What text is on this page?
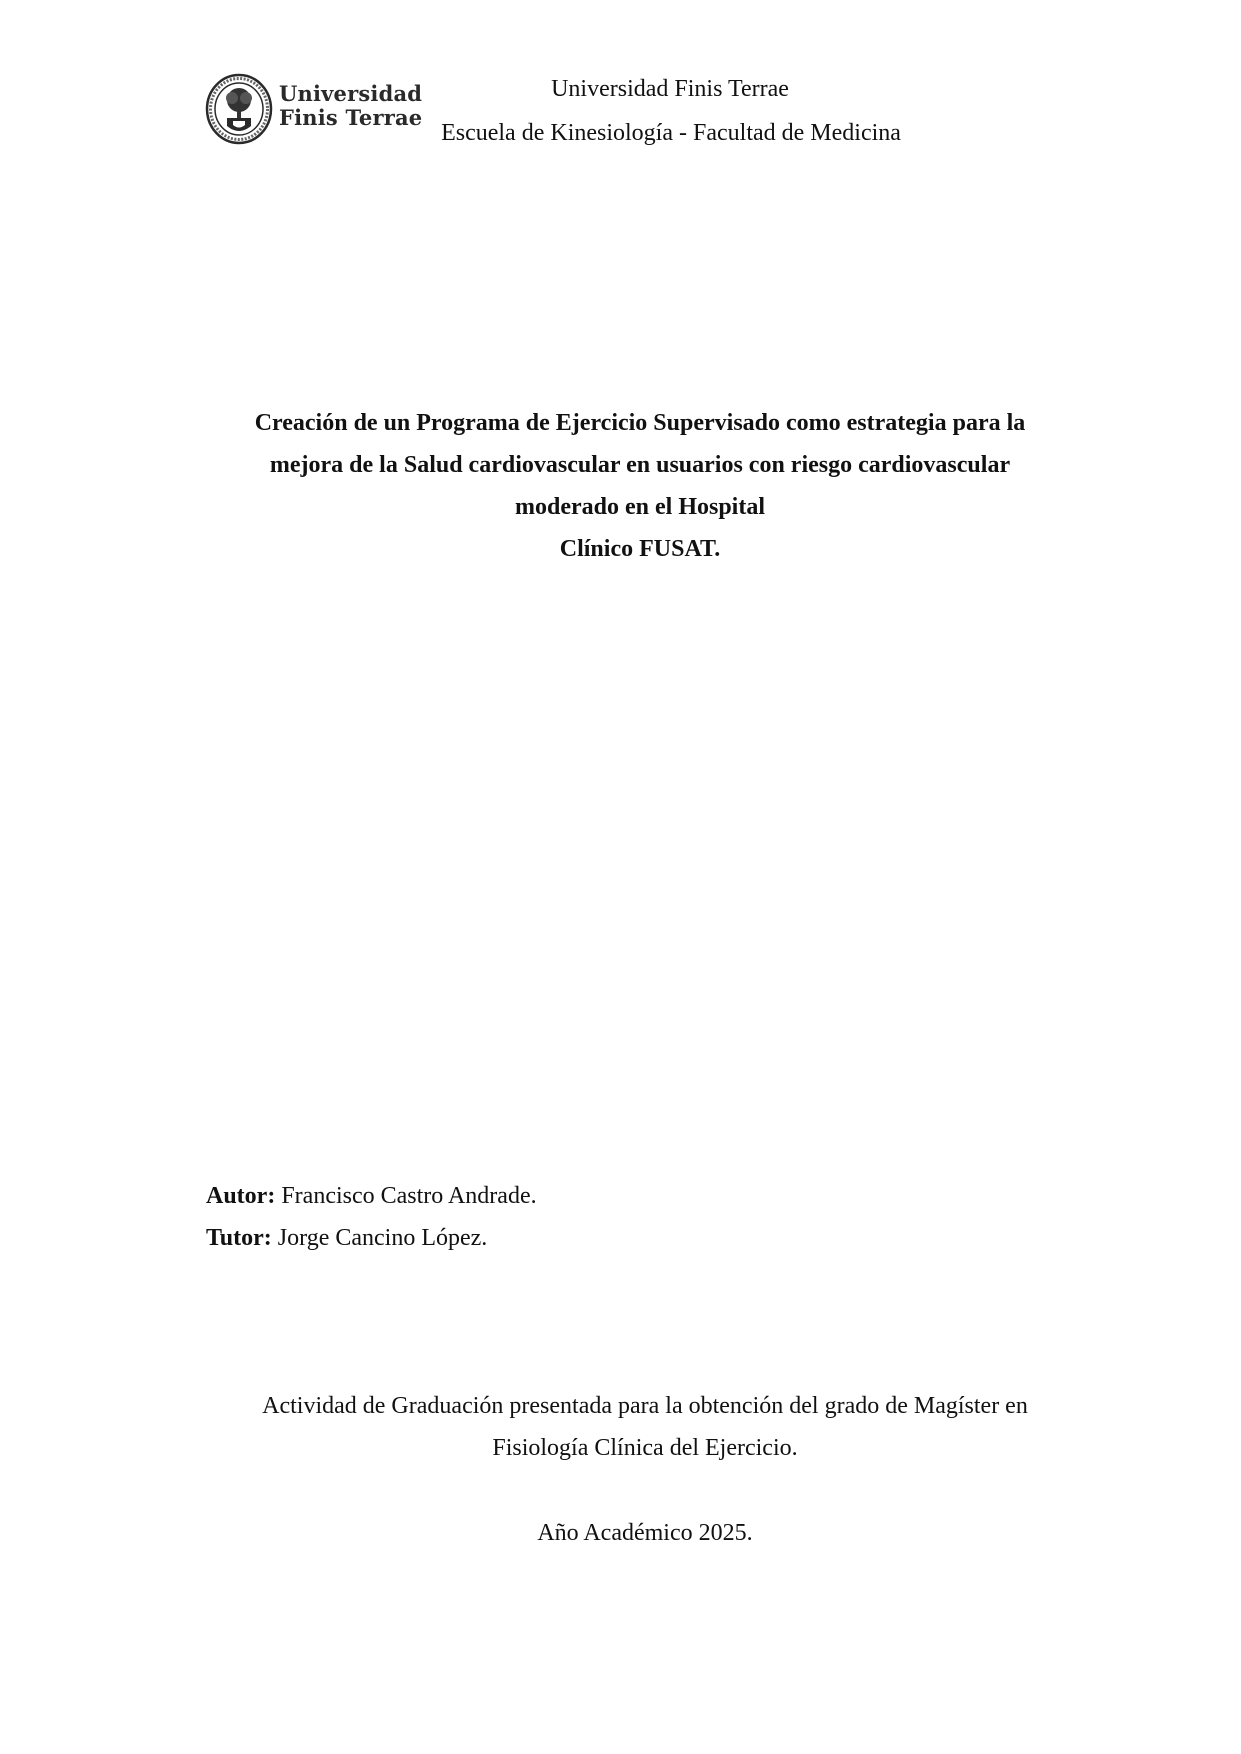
Universidad
Finis Terrae
Universidad Finis Terrae
Escuela de Kinesiología - Facultad de Medicina
Creación de un Programa de Ejercicio Supervisado como estrategia para la
mejora de la Salud cardiovascular en usuarios con riesgo cardiovascular
moderado en el Hospital
Clínico FUSAT.
Autor: Francisco Castro Andrade.
Tutor: Jorge Cancino López.
Actividad de Graduación presentada para la obtención del grado de Magíster en
Fisiología Clínica del Ejercicio.
Año Académico 2025.
